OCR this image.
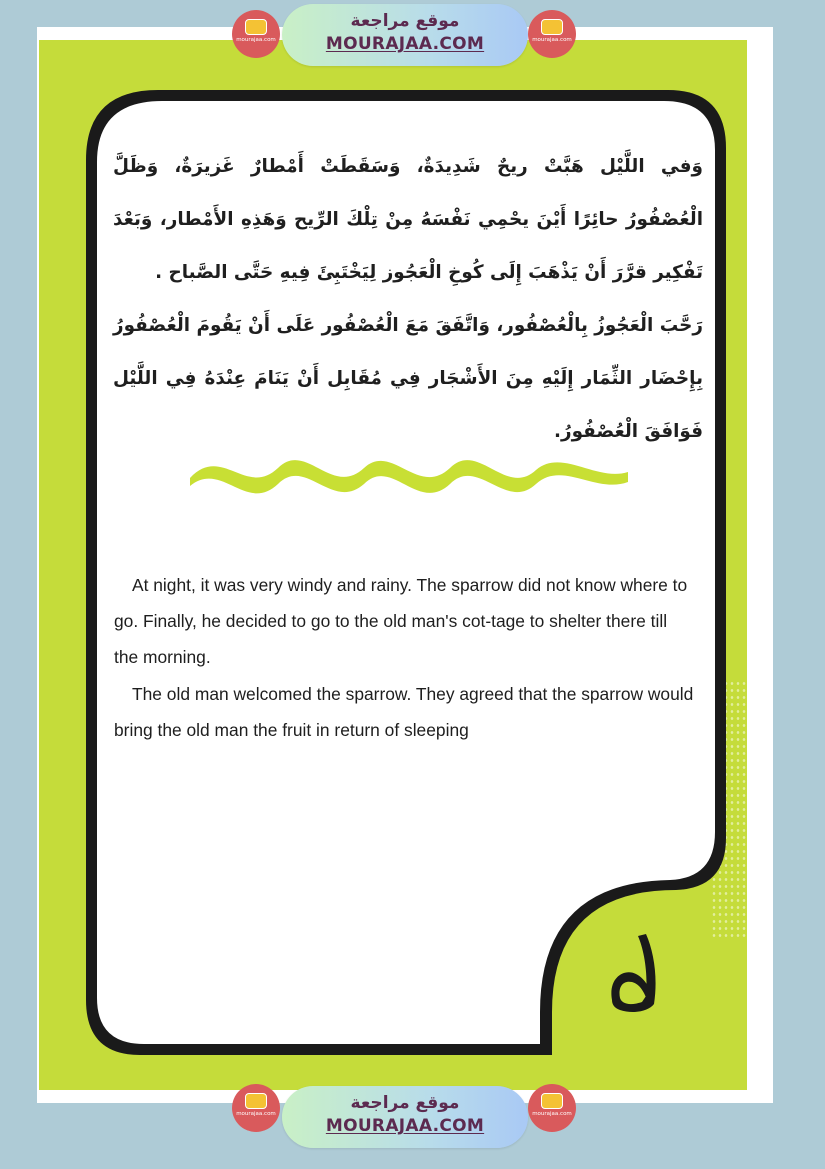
وَفي اللَّيْل هَبَّتْ ريحٌ شَدِيدَةٌ، وَسَقَطَتْ أَمْطارٌ غَزيرَةٌ، وَظَلَّ الْعُصْفُورُ حائِرًا أَيْنَ يحْمِي نَفْسَهُ مِنْ تِلْكَ الرِّيح وَهَذِهِ الأَمْطار، وَبَعْدَ تَفْكِير قرَّرَ أَنْ يَذْهَبَ إِلَى كُوخِ الْعَجُوز لِيَخْتَبِئَ فِيهِ حَتَّى الصَّباح .

رَحَّبَ الْعَجُوزُ بِالْعُصْفُور، وَاتَّفَقَ مَعَ الْعُصْفُور عَلَى أَنْ يَقُومَ الْعُصْفُورُ بِإِحْضَار الثِّمَار إِلَيْهِ مِنَ الأَشْجَار فِي مُقَابِل أَنْ يَنَامَ عِنْدَهُ فِي اللَّيْل فَوَافَقَ الْعُصْفُورُ.

At night, it was very windy and rainy. The sparrow did not know where to go. Finally, he decided to go to the old man's cot-tage to shelter there till the morning.

The old man welcomed the sparrow. They agreed that the sparrow would bring the old man the fruit in return of sleeping

mourajaa.com
موقع مراجعة
MOURAJAA.COM	mourajaa.com
mourajaa.com
موقع مراجعة
MOURAJAA.COM
mourajaa.com
